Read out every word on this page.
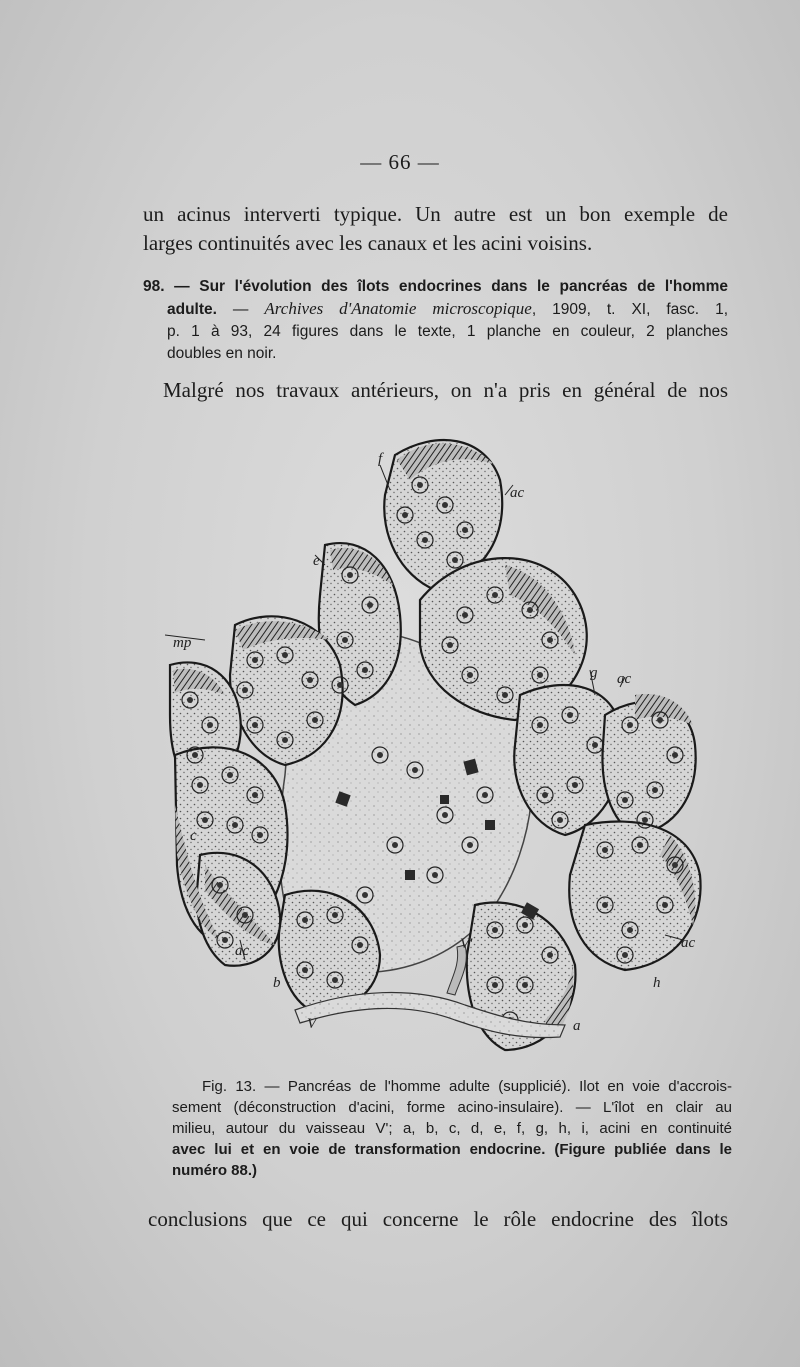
— 66 —
un acinus interverti typique. Un autre est un bon exemple de
larges continuités avec les canaux et les acini voisins.
98. — Sur l'évolution des îlots endocrines dans le pancréas de l'homme
adulte. — Archives d'Anatomie microscopique, 1909, t. XI, fasc. 1,
p. 1 à 93, 24 figures dans le texte, 1 planche en couleur, 2 planches
doubles en noir.
Malgré nos travaux antérieurs, on n'a pris en général de nos
f
ac
e
mp
g ac
i
c
ac
h
ac
b
V
V'
a
Fig. 13. — Pancréas de l'homme adulte (supplicié). Ilot en voie d'accrois-
sement (déconstruction d'acini, forme acino-insulaire). — L'îlot en clair au
milieu, autour du vaisseau V'; a, b, c, d, e, f, g, h, i, acini en continuité
avec lui et en voie de transformation endocrine. (Figure publiée dans le
numéro 88.)
conclusions que ce qui concerne le rôle endocrine des îlots
